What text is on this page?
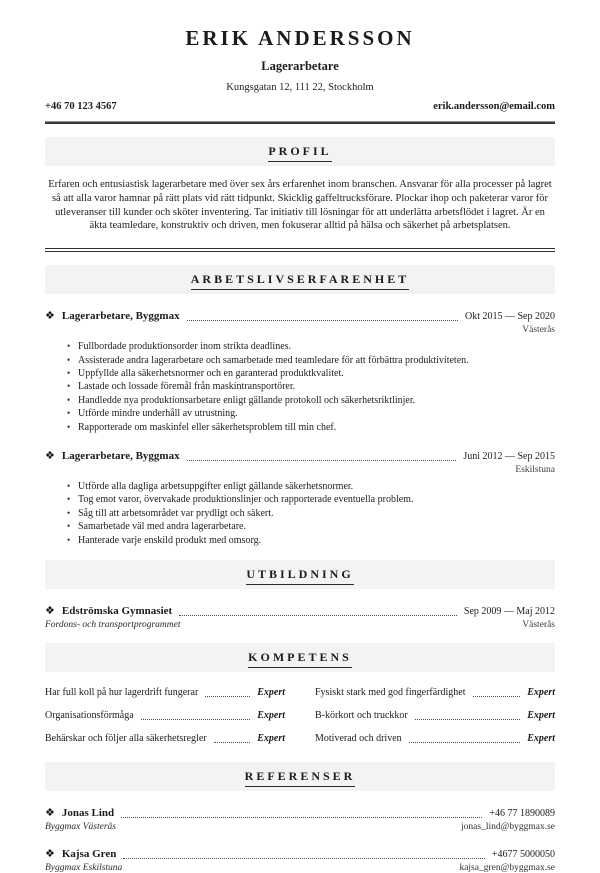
ERIK ANDERSSON
Lagerarbetare
Kungsgatan 12, 111 22, Stockholm
+46 70 123 4567	erik.andersson@email.com
PROFIL
Erfaren och entusiastisk lagerarbetare med över sex års erfarenhet inom branschen. Ansvarar för alla processer på lagret så att alla varor hamnar på rätt plats vid rätt tidpunkt. Skicklig gaffeltrucksförare. Plockar ihop och paketerar varor för utleveranser till kunder och sköter inventering. Tar initiativ till lösningar för att underlätta arbetsflödet i lagret. Är en äkta teamledare, konstruktiv och driven, men fokuserar alltid på hälsa och säkerhet på arbetsplatsen.
ARBETSLIVSERFARENHET
❖ Lagerarbetare, Byggmax	Okt 2015 — Sep 2020
Västerås
• Fullbordade produktionsorder inom strikta deadlines.
• Assisterade andra lagerarbetare och samarbetade med teamledare för att förbättra produktiviteten.
• Uppfyllde alla säkerhetsnormer och en garanterad produktkvalitet.
• Lastade och lossade föremål från maskintransportörer.
• Handledde nya produktionsarbetare enligt gällande protokoll och säkerhetsriktlinjer.
• Utförde mindre underhåll av utrustning.
• Rapporterade om maskinfel eller säkerhetsproblem till min chef.
❖ Lagerarbetare, Byggmax	Juni 2012 — Sep 2015
Eskilstuna
• Utförde alla dagliga arbetsuppgifter enligt gällande säkerhetsnormer.
• Tog emot varor, övervakade produktionslinjer och rapporterade eventuella problem.
• Såg till att arbetsområdet var prydligt och säkert.
• Samarbetade väl med andra lagerarbetare.
• Hanterade varje enskild produkt med omsorg.
UTBILDNING
❖ Edströmska Gymnasiet	Sep 2009 — Maj 2012
Fordons- och transportprogrammet	Västerås
KOMPETENS
Har full koll på hur lagerdrift fungerar	Expert
Organisationsförmåga	Expert
Behärskar och följer alla säkerhetsregler	Expert
Fysiskt stark med god fingerfärdighet	Expert
B-körkort och truckkor	Expert
Motiverad och driven	Expert
REFERENSER
❖ Jonas Lind	+46 77 1890089
Byggmax Västerås	jonas_lind@byggmax.se
❖ Kajsa Gren	+4677 5000050
Byggmax Eskilstuna	kajsa_gren@byggmax.se
